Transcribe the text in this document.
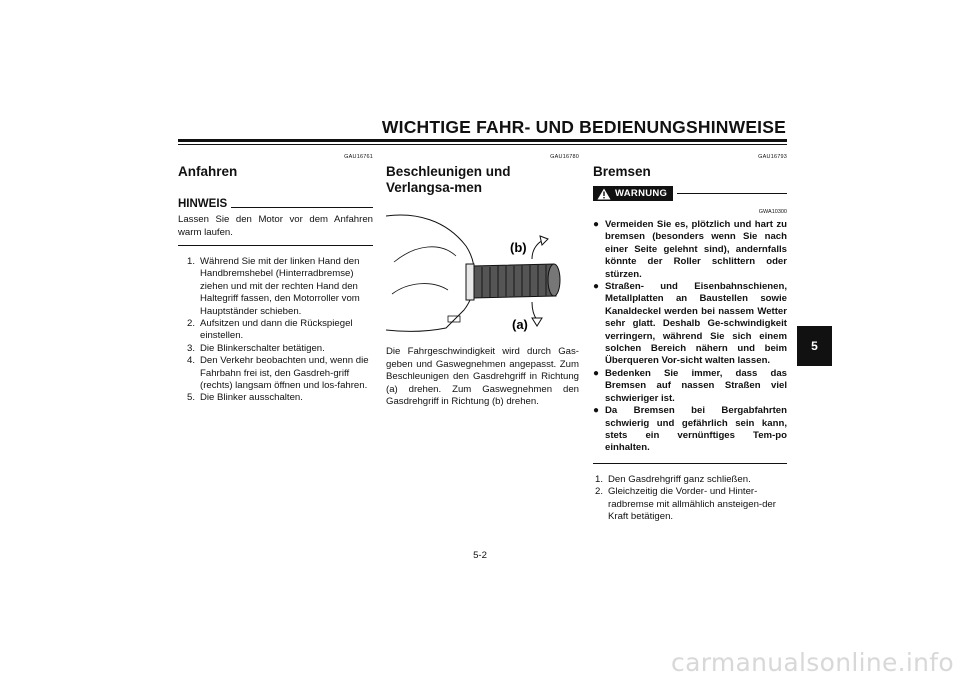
WICHTIGE FAHR- UND BEDIENUNGSHINWEISE
5
GAU16761
Anfahren
HINWEIS
Lassen Sie den Motor vor dem Anfahren warm laufen.
1. Während Sie mit der linken Hand den Handbremshebel (Hinterradbremse) ziehen und mit der rechten Hand den Haltegriff fassen, den Motorroller vom Hauptständer schieben.
2. Aufsitzen und dann die Rückspiegel einstellen.
3. Die Blinkerschalter betätigen.
4. Den Verkehr beobachten und, wenn die Fahrbahn frei ist, den Gasdreh-griff (rechts) langsam öffnen und los-fahren.
5. Die Blinker ausschalten.
GAU16780
Beschleunigen und Verlangsa-men
(b)
(a)
Die Fahrgeschwindigkeit wird durch Gas-geben und Gaswegnehmen angepasst. Zum Beschleunigen den Gasdrehgriff in Richtung (a) drehen. Zum Gaswegnehmen den Gasdrehgriff in Richtung (b) drehen.
GAU16793
Bremsen
WARNUNG
GWA10300
● Vermeiden Sie es, plötzlich und hart zu bremsen (besonders wenn Sie nach einer Seite gelehnt sind), andernfalls könnte der Roller schlittern oder stürzen.
● Straßen- und Eisenbahnschienen, Metallplatten an Baustellen sowie Kanaldeckel werden bei nassem Wetter sehr glatt. Deshalb Ge-schwindigkeit verringern, während Sie sich einem solchen Bereich nähern und beim Überqueren Vor-sicht walten lassen.
● Bedenken Sie immer, dass das Bremsen auf nassen Straßen viel schwieriger ist.
● Da Bremsen bei Bergabfahrten schwierig und gefährlich sein kann, stets ein vernünftiges Tem-po einhalten.
1. Den Gasdrehgriff ganz schließen.
2. Gleichzeitig die Vorder- und Hinter-radbremse mit allmählich ansteigen-der Kraft betätigen.
5-2
carmanualsonline.info
